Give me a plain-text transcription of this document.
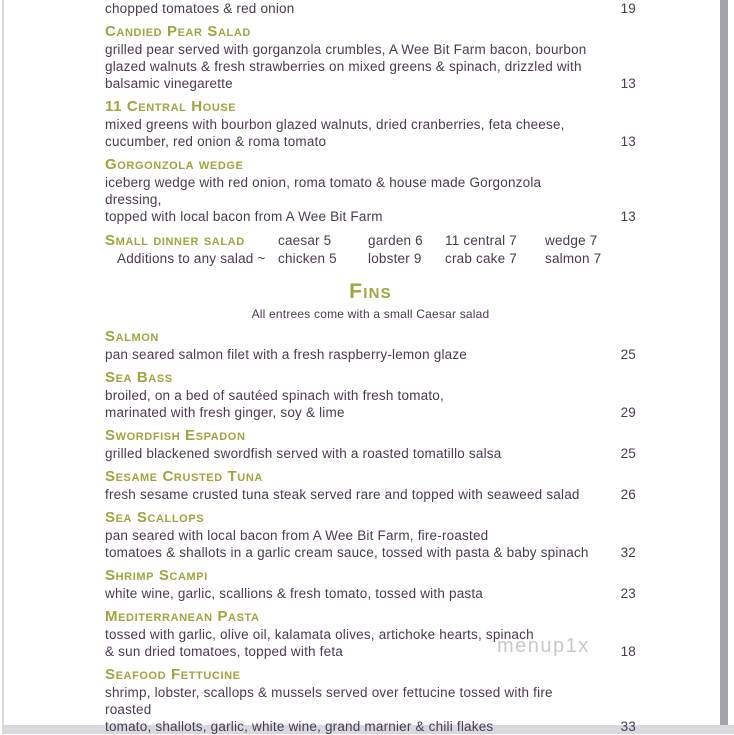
chopped tomatoes & red onion	19
Candied Pear Salad
grilled pear served with gorganzola crumbles, A Wee Bit Farm bacon, bourbon
glazed walnuts & fresh strawberries on mixed greens & spinach, drizzled with
balsamic vinegarette	13
11 Central House
mixed greens with bourbon glazed walnuts, dried cranberries, feta cheese,
cucumber, red onion & roma tomato	13
Gorgonzola wedge
iceberg wedge with red onion, roma tomato & house made Gorgonzola dressing,
topped with local bacon from A Wee Bit Farm	13
Small dinner salad	caesar 5	garden 6	11 central 7	wedge 7
Additions to any salad ~ chicken 5	lobster 9	crab cake 7	salmon 7
Fins
All entrees come with a small Caesar salad
Salmon
pan seared salmon filet with a fresh raspberry-lemon glaze	25
Sea Bass
broiled, on a bed of sautéed spinach with fresh tomato,
marinated with fresh ginger, soy & lime	29
Swordfish Espadon
grilled blackened swordfish served with a roasted tomatillo salsa	25
Sesame Crusted Tuna
fresh sesame crusted tuna steak served rare and topped with seaweed salad	26
Sea Scallops
pan seared with local bacon from A Wee Bit Farm, fire-roasted
tomatoes & shallots in a garlic cream sauce, tossed with pasta & baby spinach	32
Shrimp Scampi
white wine, garlic, scallions & fresh tomato, tossed with pasta	23
Mediterranean Pasta
tossed with garlic, olive oil, kalamata olives, artichoke hearts, spinach
& sun dried tomatoes, topped with feta	18
Seafood Fettucine
shrimp, lobster, scallops & mussels served over fettucine tossed with fire roasted
tomato, shallots, garlic, white wine, grand marnier & chili flakes	33
menup1x
